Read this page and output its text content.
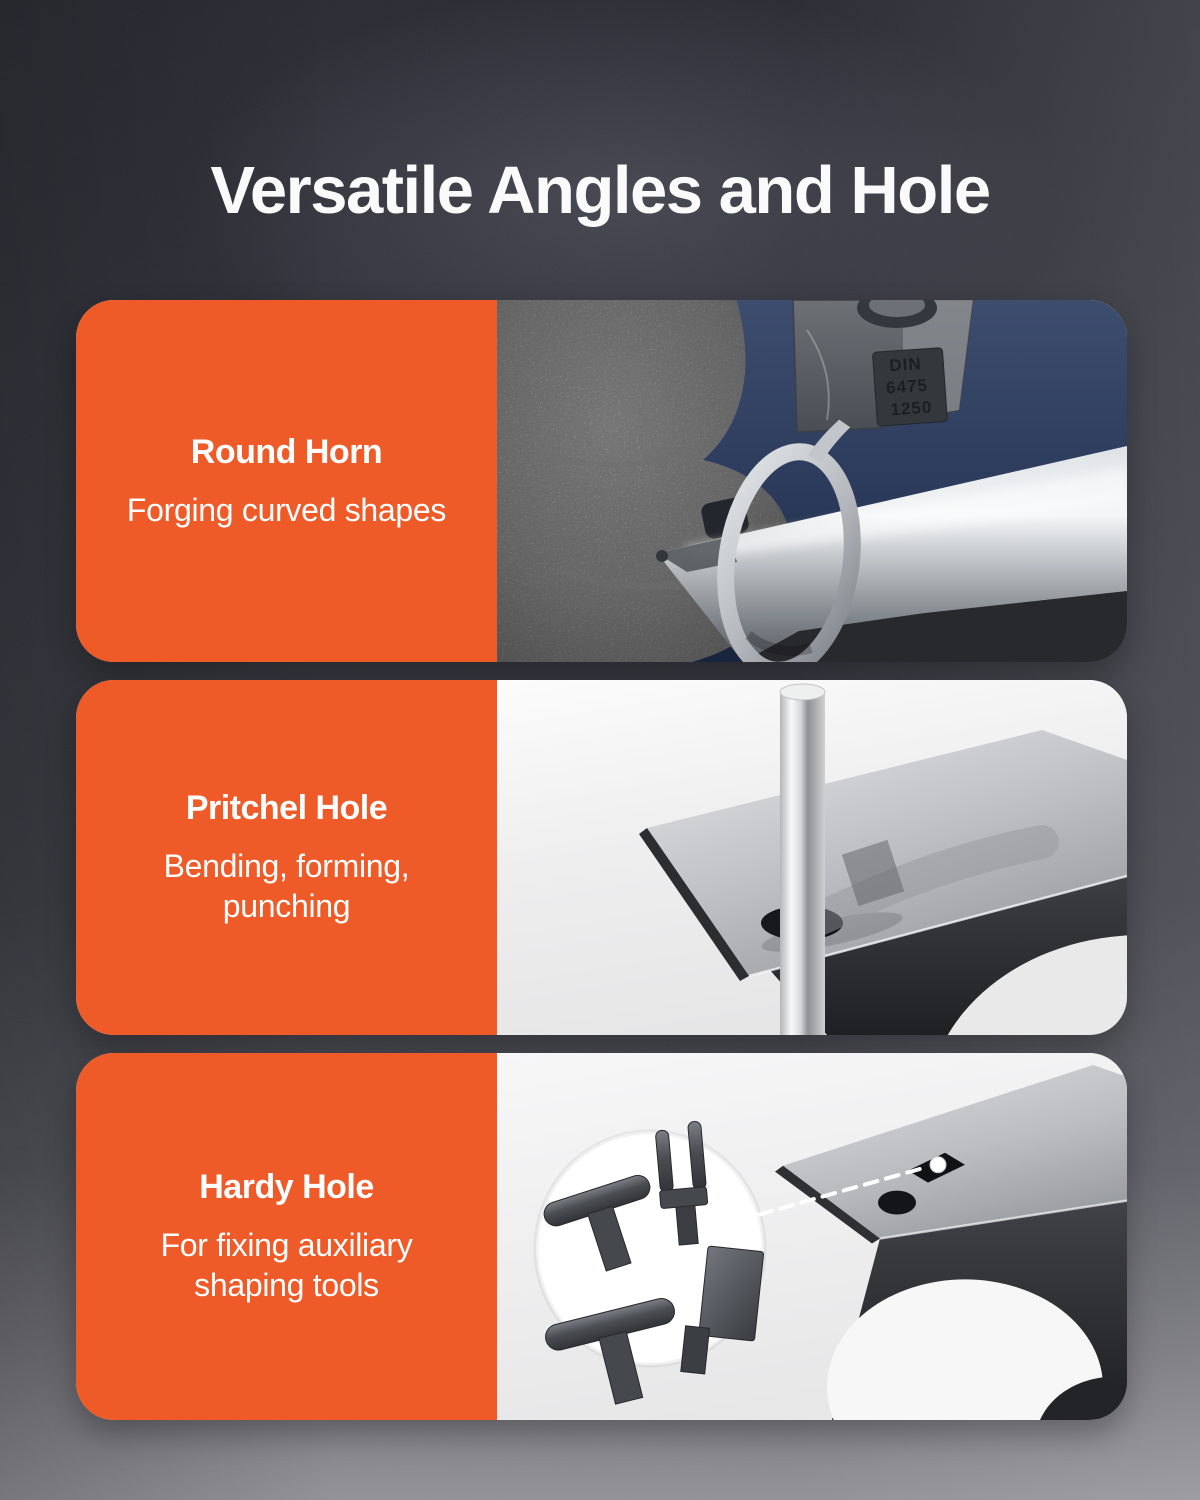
Versatile Angles and Hole
Round Horn

Forging curved shapes

DIN 6475 1250
Pritchel Hole

Bending, forming, punching

Hardy Hole

For fixing auxiliary shaping tools
